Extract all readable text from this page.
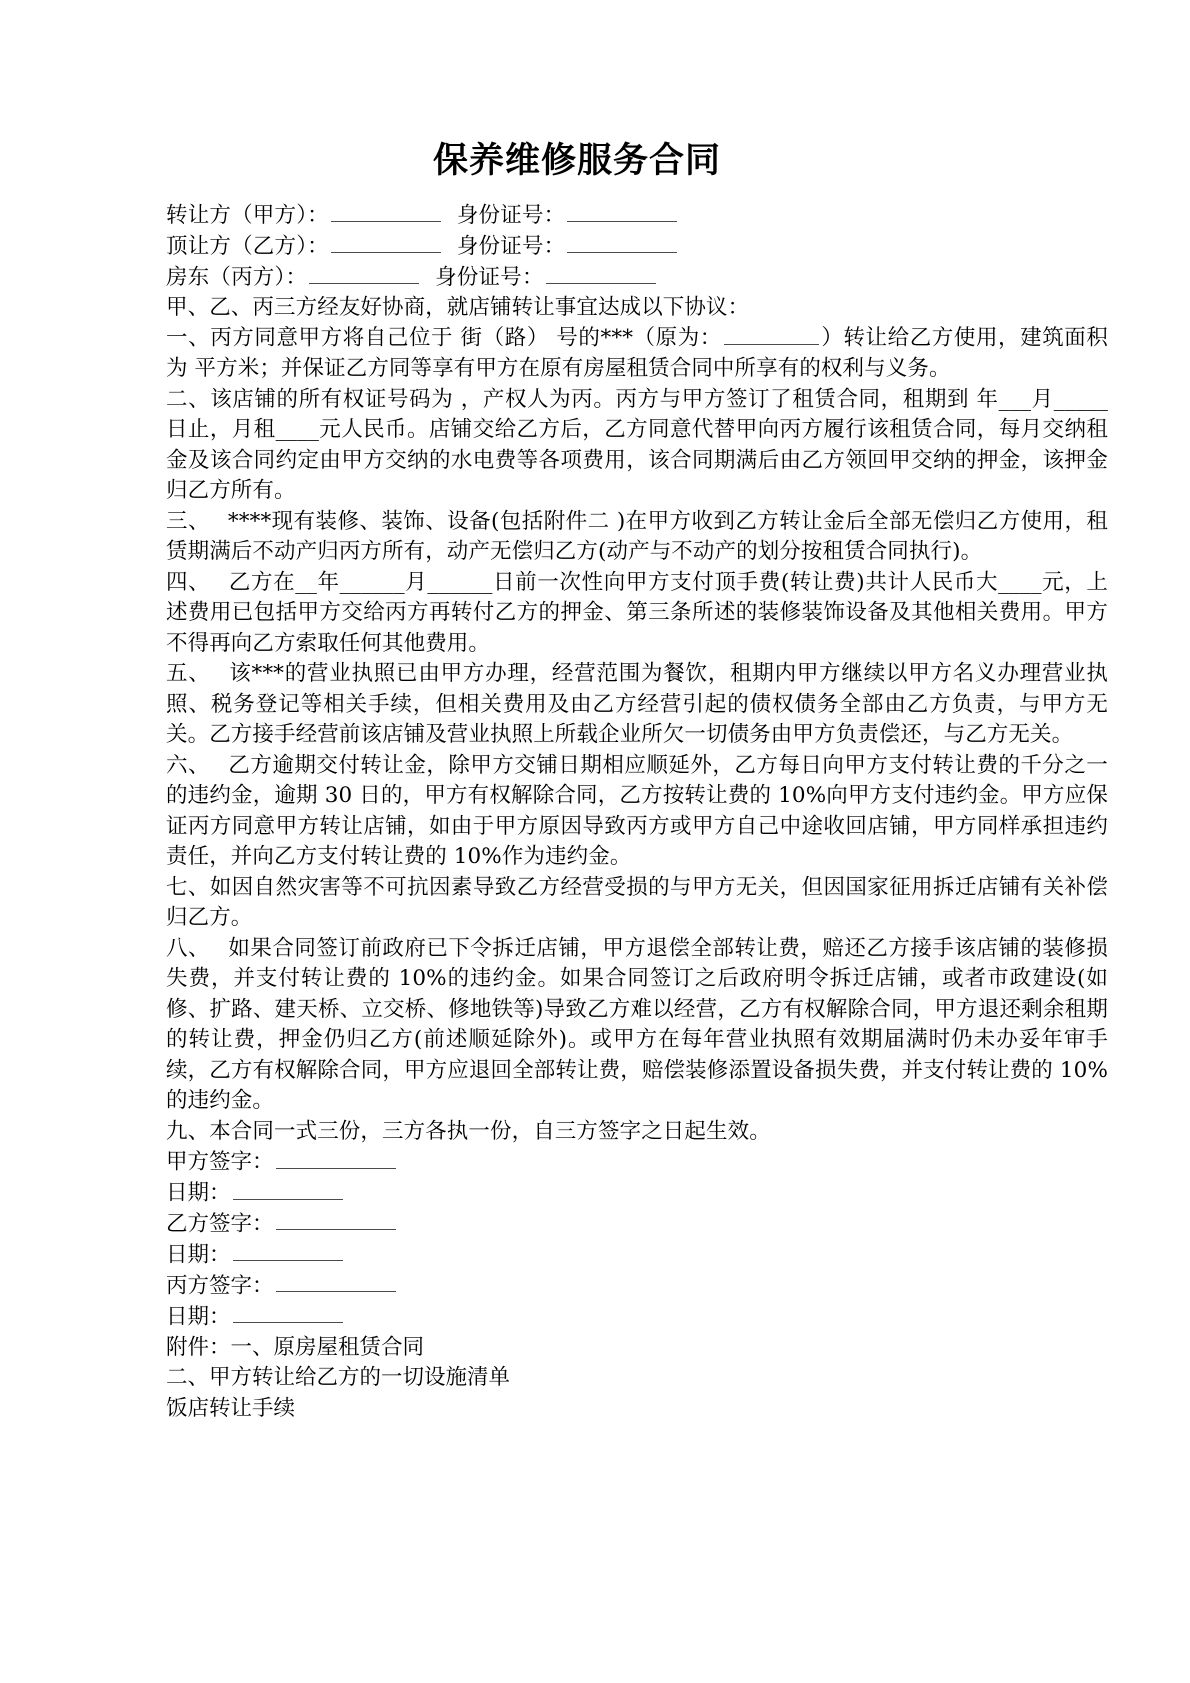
保养维修服务合同

转让方（甲方）：	身份证号：

顶让方（乙方）：	身份证号：

房东（丙方）：	身份证号：

甲、乙、丙三方经友好协商，就店铺转让事宜达成以下协议：

一、丙方同意甲方将自己位于 街（路） 号的***（原为：	）转让给乙方使用，建筑面积为 平方米；并保证乙方同等享有甲方在原有房屋租赁合同中所享有的权利与义务。

二、该店铺的所有权证号码为 ，产权人为丙。丙方与甲方签订了租赁合同，租期到 年___月_____日止，月租____元人民币。店铺交给乙方后，乙方同意代替甲向丙方履行该租赁合同，每月交纳租金及该合同约定由甲方交纳的水电费等各项费用，该合同期满后由乙方领回甲交纳的押金，该押金归乙方所有。

三、 ****现有装修、装饰、设备(包括附件二 )在甲方收到乙方转让金后全部无偿归乙方使用，租赁期满后不动产归丙方所有，动产无偿归乙方(动产与不动产的划分按租赁合同执行)。

四、 乙方在__年______月______日前一次性向甲方支付顶手费(转让费)共计人民币大____元，上述费用已包括甲方交给丙方再转付乙方的押金、第三条所述的装修装饰设备及其他相关费用。甲方不得再向乙方索取任何其他费用。

五、 该***的营业执照已由甲方办理，经营范围为餐饮，租期内甲方继续以甲方名义办理营业执照、税务登记等相关手续，但相关费用及由乙方经营引起的债权债务全部由乙方负责，与甲方无关。乙方接手经营前该店铺及营业执照上所载企业所欠一切债务由甲方负责偿还，与乙方无关。

六、 乙方逾期交付转让金，除甲方交铺日期相应顺延外，乙方每日向甲方支付转让费的千分之一的违约金，逾期 30 日的，甲方有权解除合同，乙方按转让费的 10%向甲方支付违约金。甲方应保证丙方同意甲方转让店铺，如由于甲方原因导致丙方或甲方自己中途收回店铺，甲方同样承担违约责任，并向乙方支付转让费的 10%作为违约金。

七、如因自然灾害等不可抗因素导致乙方经营受损的与甲方无关，但因国家征用拆迁店铺有关补偿归乙方。

八、 如果合同签订前政府已下令拆迁店铺，甲方退偿全部转让费，赔还乙方接手该店铺的装修损失费，并支付转让费的 10%的违约金。如果合同签订之后政府明令拆迁店铺，或者市政建设(如修、扩路、建天桥、立交桥、修地铁等)导致乙方难以经营，乙方有权解除合同，甲方退还剩余租期的转让费，押金仍归乙方(前述顺延除外)。或甲方在每年营业执照有效期届满时仍未办妥年审手续，乙方有权解除合同，甲方应退回全部转让费，赔偿装修添置设备损失费，并支付转让费的 10%的违约金。

九、本合同一式三份，三方各执一份，自三方签字之日起生效。

甲方签字：

日期：

乙方签字：

日期：

丙方签字：

日期：

附件：一、原房屋租赁合同

二、甲方转让给乙方的一切设施清单

饭店转让手续
